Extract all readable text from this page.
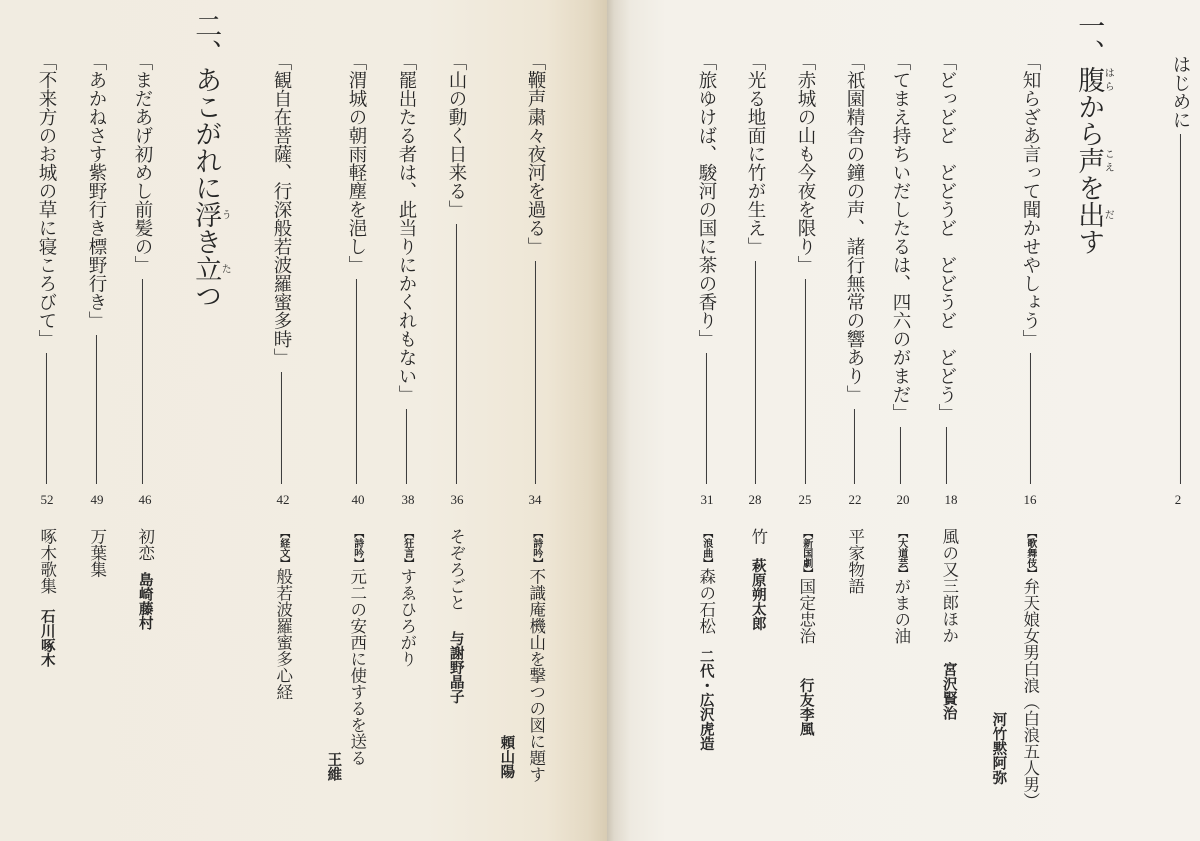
はじめに
2
一、腹はらから声こえを出だす
「知らざあ言って聞かせやしょう」
16
【歌舞伎】弁天娘女男白浪（白浪五人男）
河竹黙阿弥
「どっどど　どどうど　どどうど　どどう」
18
風の又三郎ほか宮沢賢治
「てまえ持ちいだしたるは、四六のがまだ」
20
【大道芸】がまの油
「祇園精舎の鐘の声、諸行無常の響あり」
22
平家物語
「赤城の山も今夜を限り」
25
【新国劇】国定忠治行友李風
「光る地面に竹が生え」
28
竹萩原朔太郎
「旅ゆけば、駿河の国に茶の香り」
31
【浪曲】森の石松二代・広沢虎造
「鞭声粛々夜河を過る」
34
【詩吟】不識庵機山を撃つの図に題す
頼山陽
「山の動く日来る」
36
そぞろごと与謝野晶子
「罷出たる者は、此当りにかくれもない」
38
【狂言】すゑひろがり
「渭城の朝雨軽塵を浥し」
40
【詩吟】元二の安西に使するを送る
王維
「観自在菩薩、行深般若波羅蜜多時」
42
【経文】般若波羅蜜多心経
二、あこがれに浮うき立たつ
「まだあげ初めし前髪の」
46
初恋島崎藤村
「あかねさす紫野行き標野行き」
49
万葉集
「不来方のお城の草に寝ころびて」
52
啄木歌集石川啄木
